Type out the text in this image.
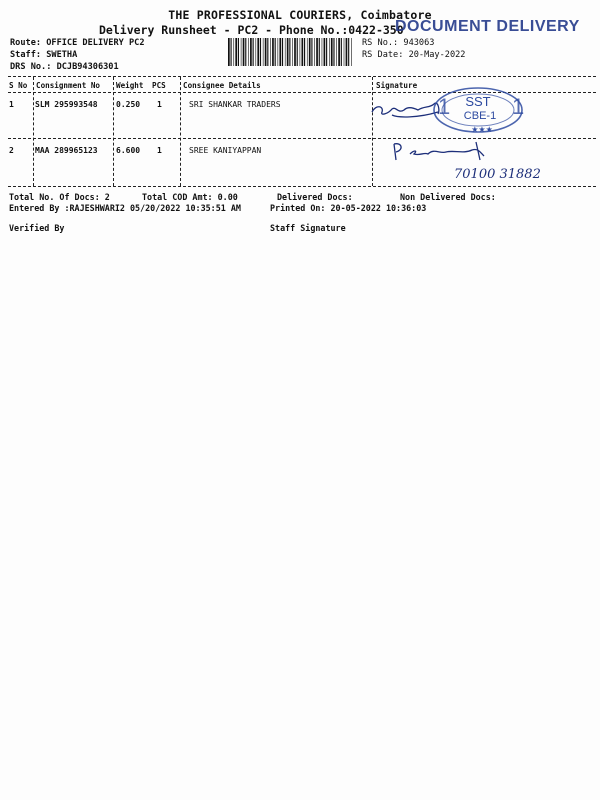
THE PROFESSIONAL COURIERS, Coimbatore
Delivery Runsheet - PC2 - Phone No.:0422-350
DOCUMENT DELIVERY
Route: OFFICE DELIVERY PC2
Staff: SWETHA
DRS No.: DCJB94306301
RS No.: 943063
RS Date: 20-May-2022
S No Consignment No Weight PCS Consignee Details	Signature
1	SLM 295993548 0.250 1	SRI SHANKAR TRADERS
2	MAA 289965123 6.600 1	SREE KANIYAPPAN
SST
CBE-1
★★★
1	1
70100 31882
Total No. Of Docs: 2	Total COD Amt: 0.00	Delivered Docs:	Non Delivered Docs:
Entered By :RAJESHWARI2 05/20/2022 10:35:51 AM	Printed On: 20-05-2022 10:36:03
Verified By	Staff Signature
